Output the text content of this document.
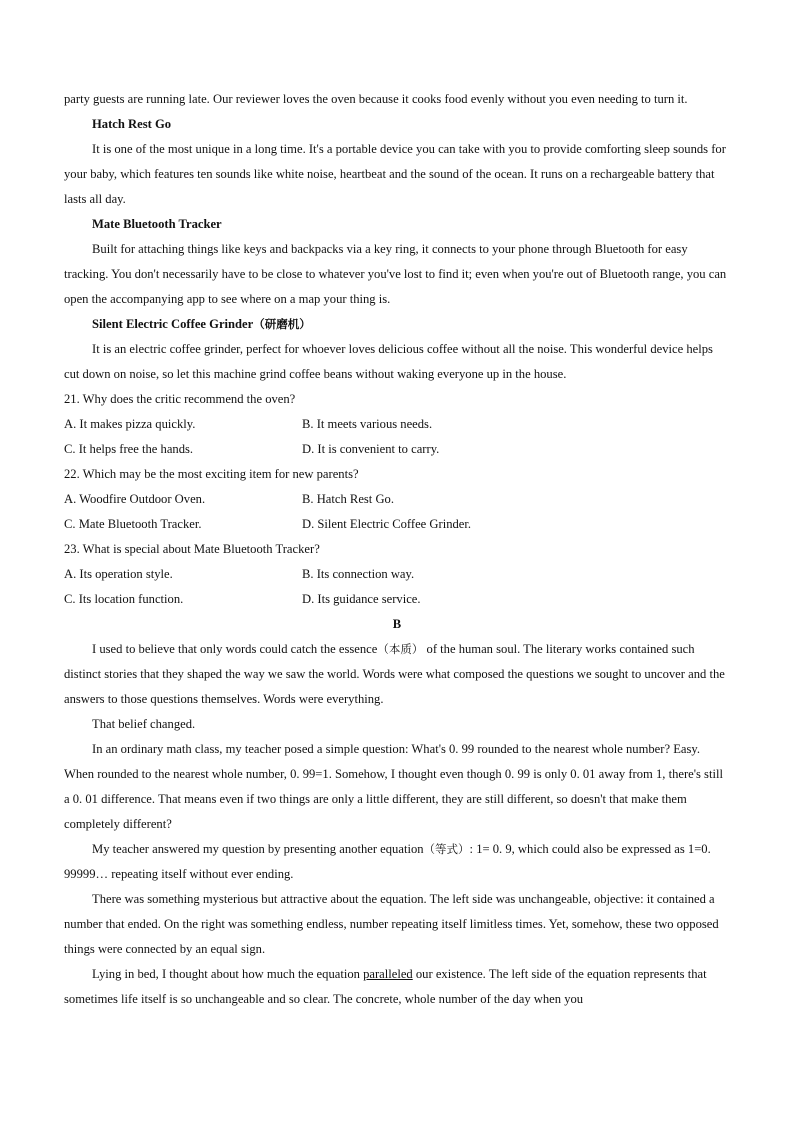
party guests are running late. Our reviewer loves the oven because it cooks food evenly without you even needing to turn it.

Hatch Rest Go

It is one of the most unique in a long time. It's a portable device you can take with you to provide comforting sleep sounds for your baby, which features ten sounds like white noise, heartbeat and the sound of the ocean. It runs on a rechargeable battery that lasts all day.

Mate Bluetooth Tracker

Built for attaching things like keys and backpacks via a key ring, it connects to your phone through Bluetooth for easy tracking. You don't necessarily have to be close to whatever you've lost to find it; even when you're out of Bluetooth range, you can open the accompanying app to see where on a map your thing is.

Silent Electric Coffee Grinder（研磨机）

It is an electric coffee grinder, perfect for whoever loves delicious coffee without all the noise. This wonderful device helps cut down on noise, so let this machine grind coffee beans without waking everyone up in the house.

21. Why does the critic recommend the oven?

A. It makes pizza quickly.	B. It meets various needs.
C. It helps free the hands.	D. It is convenient to carry.

22. Which may be the most exciting item for new parents?

A. Woodfire Outdoor Oven.	B. Hatch Rest Go.
C. Mate Bluetooth Tracker.	D. Silent Electric Coffee Grinder.

23. What is special about Mate Bluetooth Tracker?

A. Its operation style.	B. Its connection way.
C. Its location function.	D. Its guidance service.

B

I used to believe that only words could catch the essence（本质） of the human soul. The literary works contained such distinct stories that they shaped the way we saw the world. Words were what composed the questions we sought to uncover and the answers to those questions themselves. Words were everything.

That belief changed.

In an ordinary math class, my teacher posed a simple question: What's 0. 99 rounded to the nearest whole number? Easy. When rounded to the nearest whole number, 0. 99=1. Somehow, I thought even though 0. 99 is only 0. 01 away from 1, there's still a 0. 01 difference. That means even if two things are only a little different, they are still different, so doesn't that make them completely different?

My teacher answered my question by presenting another equation（等式）: 1= 0. 9, which could also be expressed as 1=0. 99999… repeating itself without ever ending.

There was something mysterious but attractive about the equation. The left side was unchangeable, objective: it contained a number that ended. On the right was something endless, number repeating itself limitless times. Yet, somehow, these two opposed things were connected by an equal sign.

Lying in bed, I thought about how much the equation paralleled our existence. The left side of the equation represents that sometimes life itself is so unchangeable and so clear. The concrete, whole number of the day when you
